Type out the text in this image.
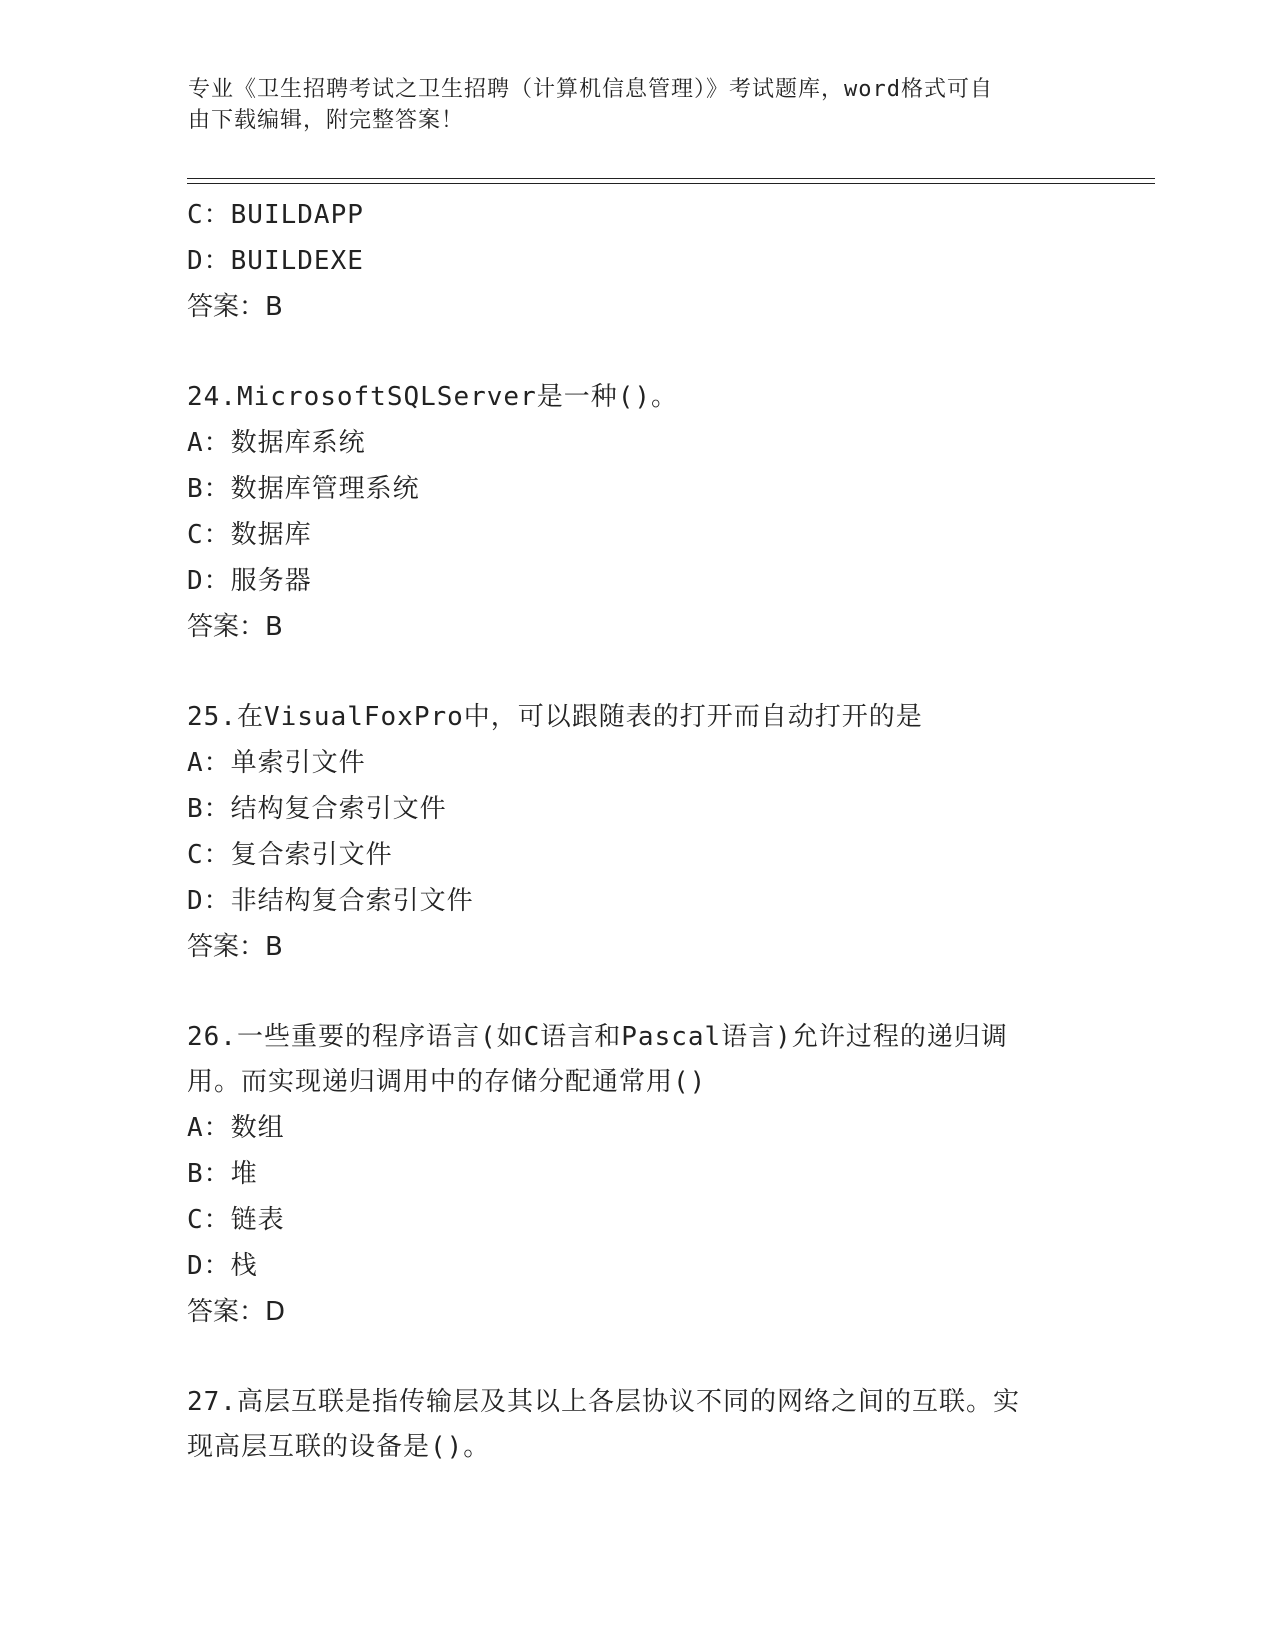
专业《卫生招聘考试之卫生招聘（计算机信息管理）》考试题库，word格式可自
由下载编辑，附完整答案！
C：BUILDAPP
D：BUILDEXE
答案：B
24.MicrosoftSQLServer是一种()。
A：数据库系统
B：数据库管理系统
C：数据库
D：服务器
答案：B
25.在VisualFoxPro中，可以跟随表的打开而自动打开的是
A：单索引文件
B：结构复合索引文件
C：复合索引文件
D：非结构复合索引文件
答案：B
26.一些重要的程序语言(如C语言和Pascal语言)允许过程的递归调
用。而实现递归调用中的存储分配通常用()
A：数组
B：堆
C：链表
D：栈
答案：D
27.高层互联是指传输层及其以上各层协议不同的网络之间的互联。实
现高层互联的设备是()。
